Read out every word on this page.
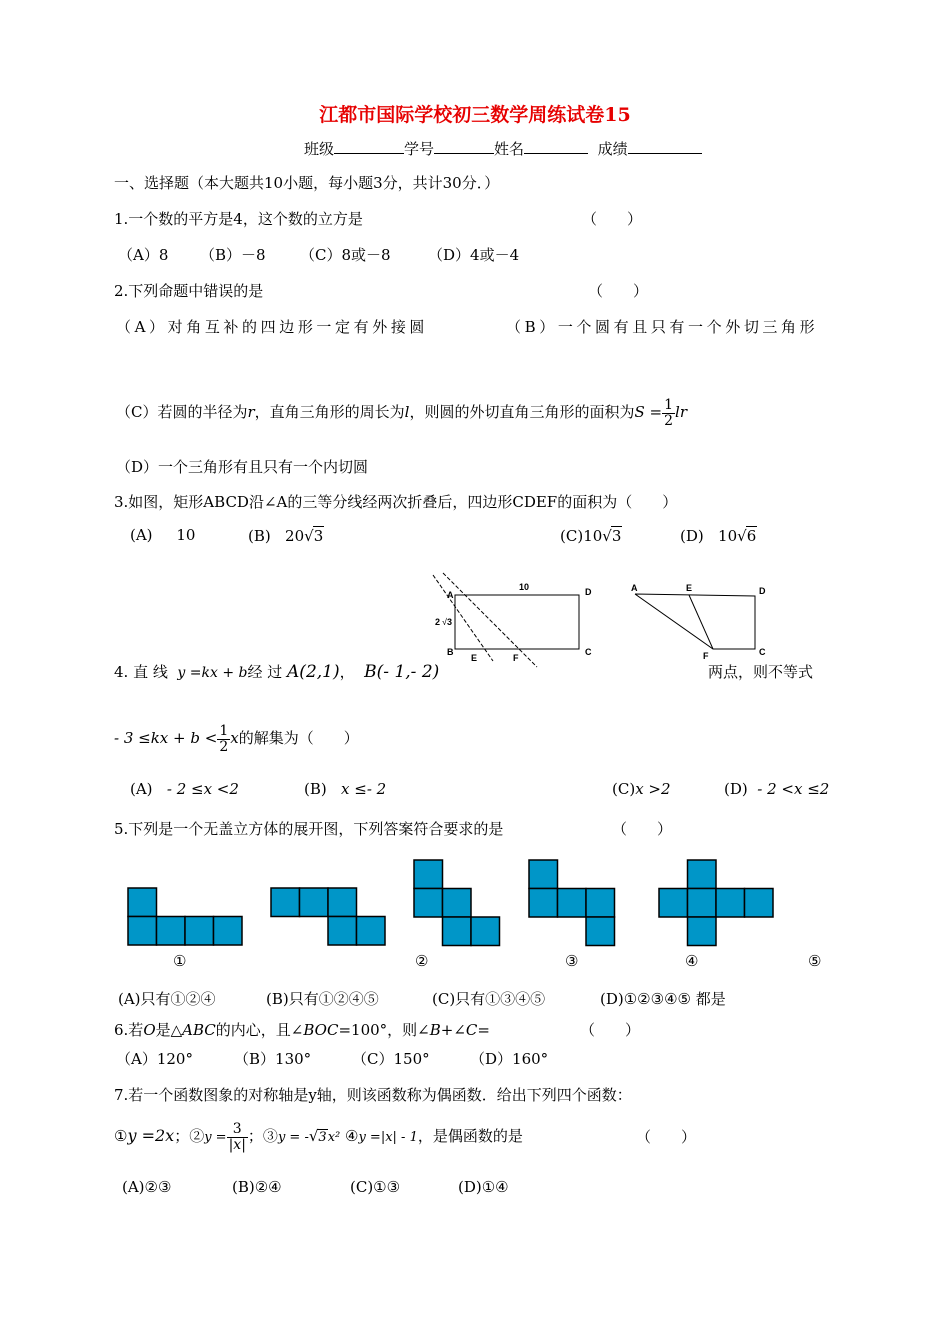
江都市国际学校初三数学周练试卷15
班级	学号	姓名	成绩
一、选择题（本大题共10小题，每小题3分，共计30分．）
1.一个数的平方是4，这个数的立方是	（　　）
（A）8 （B）－8 （C）8或－8 （D）4或－4
2.下列命题中错误的是	（　　）
（A）对角互补的四边形一定有外接圆	（B）一个圆有且只有一个外切三角形
（C）若圆的半径为r，直角三角形的周长为l，则圆的外切直角三角形的面积为$S = \frac{1}{2}$ lr
（D）一个三角形有且只有一个内切圆
3.如图，矩形ABCD沿∠A的三等分线经两次折叠后，四边形CDEF的面积为（　　）
(A) 10	(B) 20√3	(C)10√3	(D) 10√6
A
B	C
D
E	F
10
2 √3
A	E	D
F	C
4. 直 线 y =kx + b经 过 A(2,1)， B(- 1,- 2)	两点，则不等式
- $3 \le kx + b < \frac{1}{2}$ x的解集为（　　）
(A) - 2 ≤x <2	(B) x ≤- 2	(C)x >2	(D) - 2 <x ≤2
5.下列是一个无盖立方体的展开图，下列答案符合要求的是	（　　）
①	②	③	④	⑤
(A)只有①②④	(B)只有①②④⑤	(C)只有①③④⑤	(D)①②③④⑤ 都是
6.若O是△ABC的内心，且∠BOC=100°，则∠B+∠C=	（　　）
（A）120°	（B）130°	（C）150°	（D）160°
7.若一个函数图象的对称轴是y轴，则该函数称为偶函数．给出下列四个函数：
①y =2x；②y = $\frac{3}{|x|}$ ；③y = -√3x² ④y =|x| - 1，是偶函数的是	（　　）
(A)②③	(B)②④	(C)①③	(D)①④
